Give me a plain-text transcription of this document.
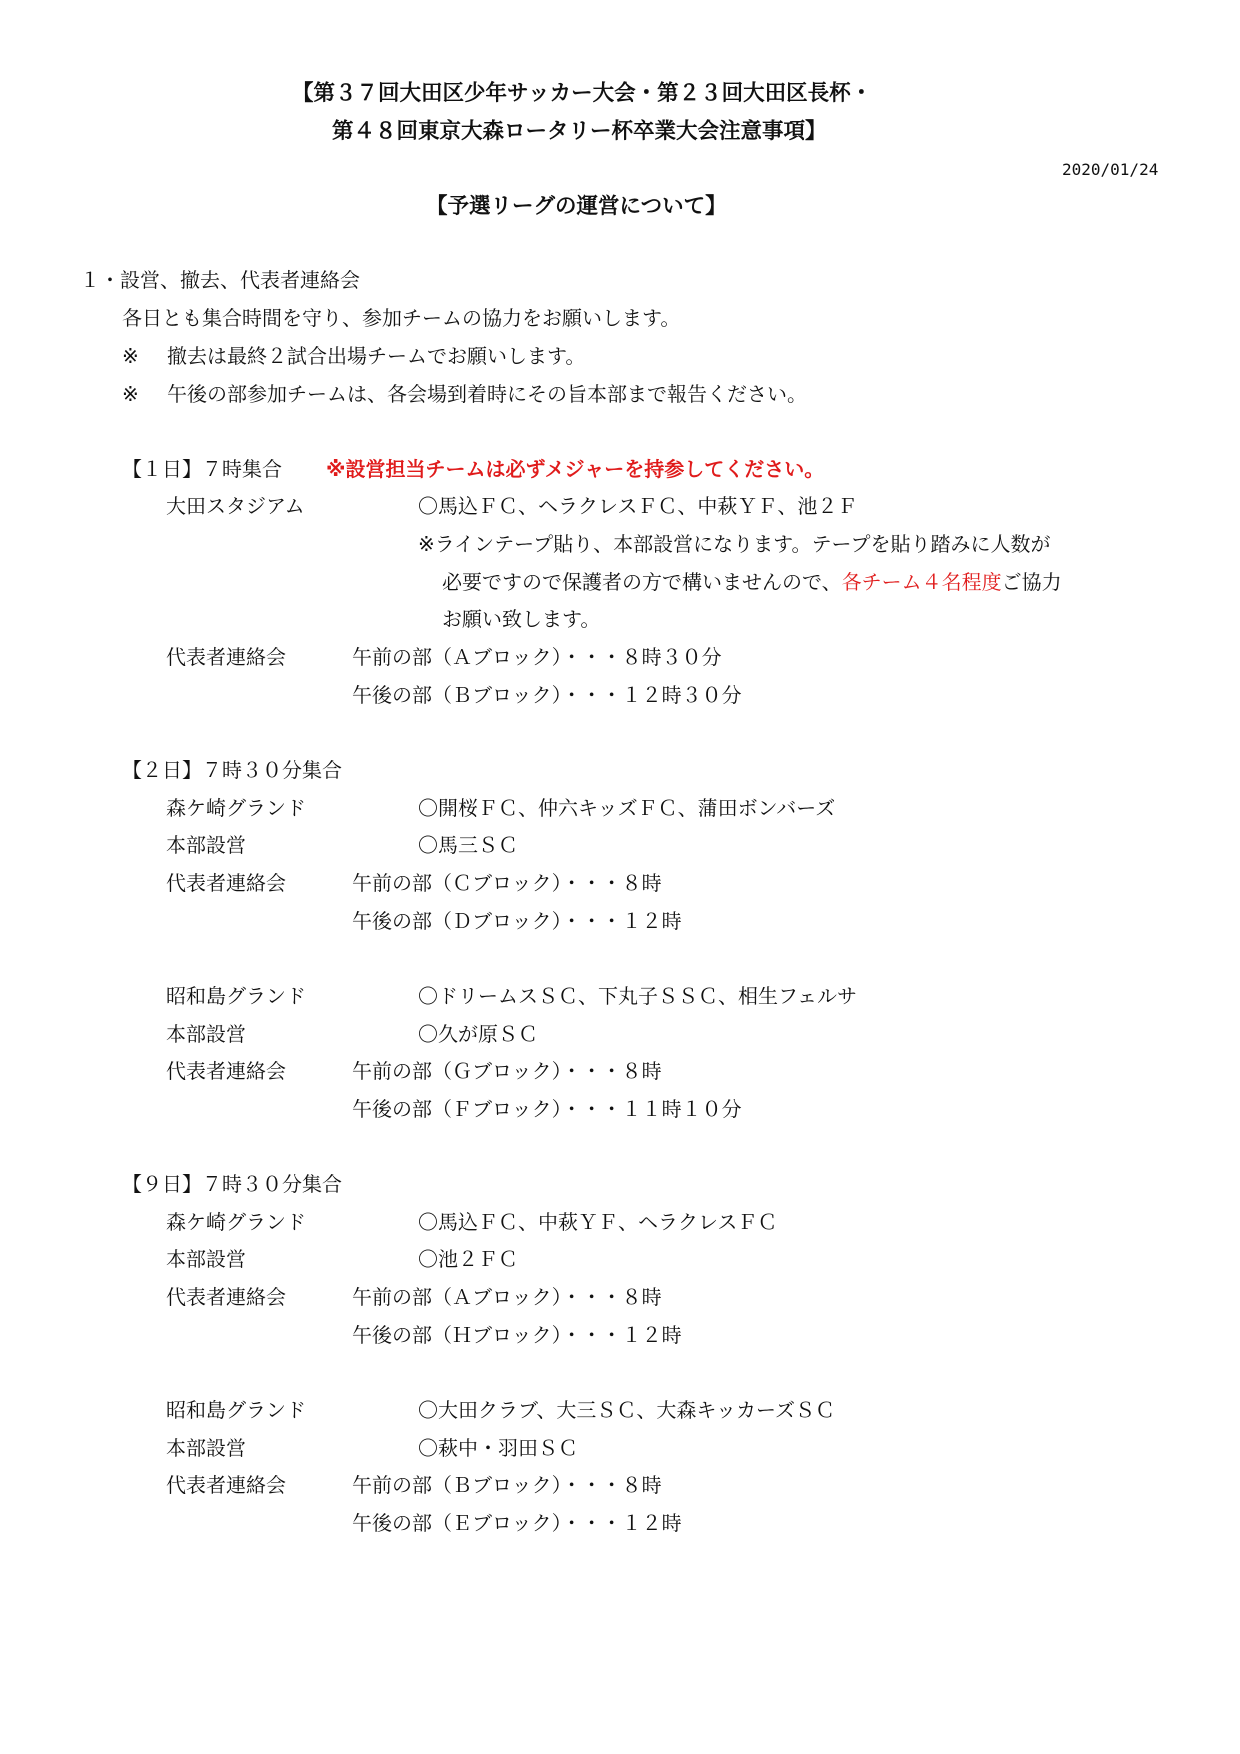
【第３７回大田区少年サッカー大会・第２３回大田区長杯・
第４８回東京大森ロータリー杯卒業大会注意事項】
2020/01/24
【予選リーグの運営について】
１・設営、撤去、代表者連絡会
各日とも集合時間を守り、参加チームの協力をお願いします。
※ 撤去は最終２試合出場チームでお願いします。
※ 午後の部参加チームは、各会場到着時にその旨本部まで報告ください。
【１日】７時集合 ※設営担当チームは必ずメジャーを持参してください。
大田スタジアム	〇馬込ＦＣ、ヘラクレスＦＣ、中萩ＹＦ、池２Ｆ
※ラインテープ貼り、本部設営になります。テープを貼り踏みに人数が
必要ですので保護者の方で構いませんので、各チーム４名程度ご協力
お願い致します。
代表者連絡会	午前の部（Ａブロック）・・・８時３０分
午後の部（Ｂブロック）・・・１２時３０分
【２日】７時３０分集合
森ケ崎グランド	〇開桜ＦＣ、仲六キッズＦＣ、蒲田ボンバーズ
本部設営	〇馬三ＳＣ
代表者連絡会	午前の部（Ｃブロック）・・・８時
午後の部（Ｄブロック）・・・１２時
昭和島グランド	〇ドリームスＳＣ、下丸子ＳＳＣ、相生フェルサ
本部設営	〇久が原ＳＣ
代表者連絡会	午前の部（Ｇブロック）・・・８時
午後の部（Ｆブロック）・・・１１時１０分
【９日】７時３０分集合
森ケ崎グランド	〇馬込ＦＣ、中萩ＹＦ、ヘラクレスＦＣ
本部設営	〇池２ＦＣ
代表者連絡会	午前の部（Ａブロック）・・・８時
午後の部（Ｈブロック）・・・１２時
昭和島グランド	〇大田クラブ、大三ＳＣ、大森キッカーズＳＣ
本部設営	〇萩中・羽田ＳＣ
代表者連絡会	午前の部（Ｂブロック）・・・８時
午後の部（Ｅブロック）・・・１２時
